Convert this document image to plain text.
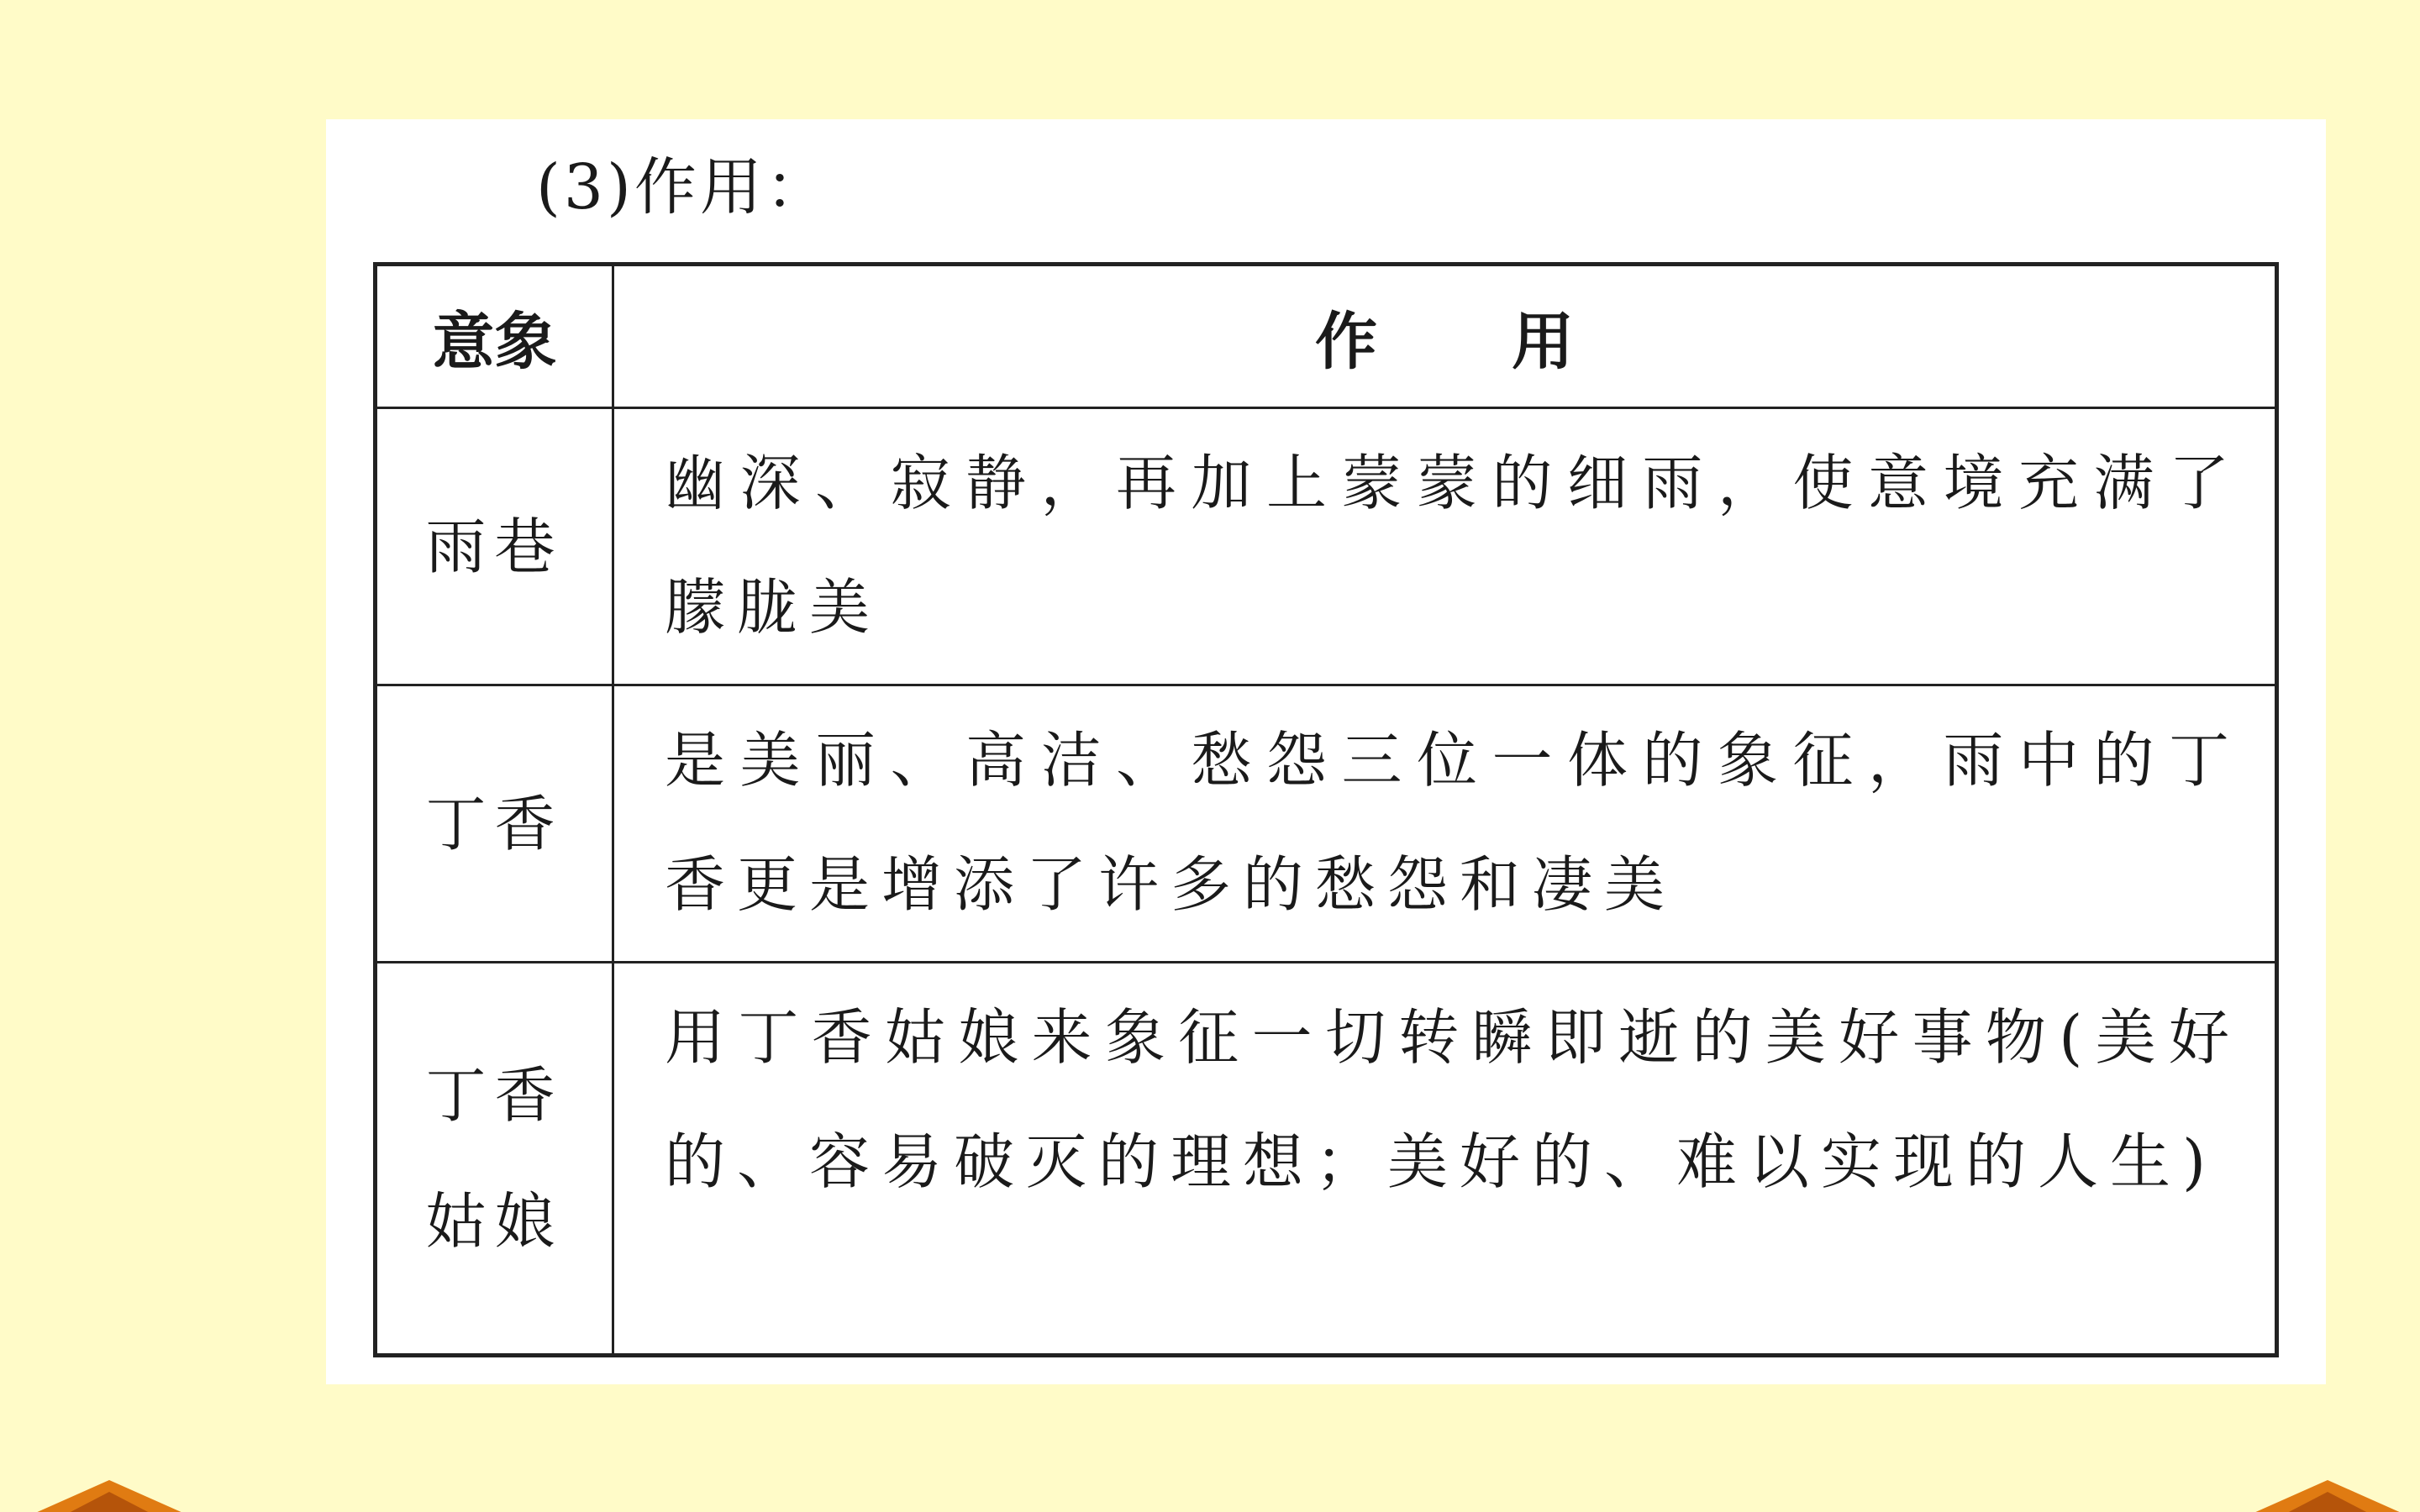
(3)作用：
意象	作用
雨巷
幽深、寂静，再加上蒙蒙的细雨，使意境充满了朦胧美
丁香
是美丽、高洁、愁怨三位一体的象征，雨中的丁香更是增添了许多的愁怨和凄美
丁香姑娘
用丁香姑娘来象征一切转瞬即逝的美好事物(美好的、容易破灭的理想；美好的、难以实现的人生)
